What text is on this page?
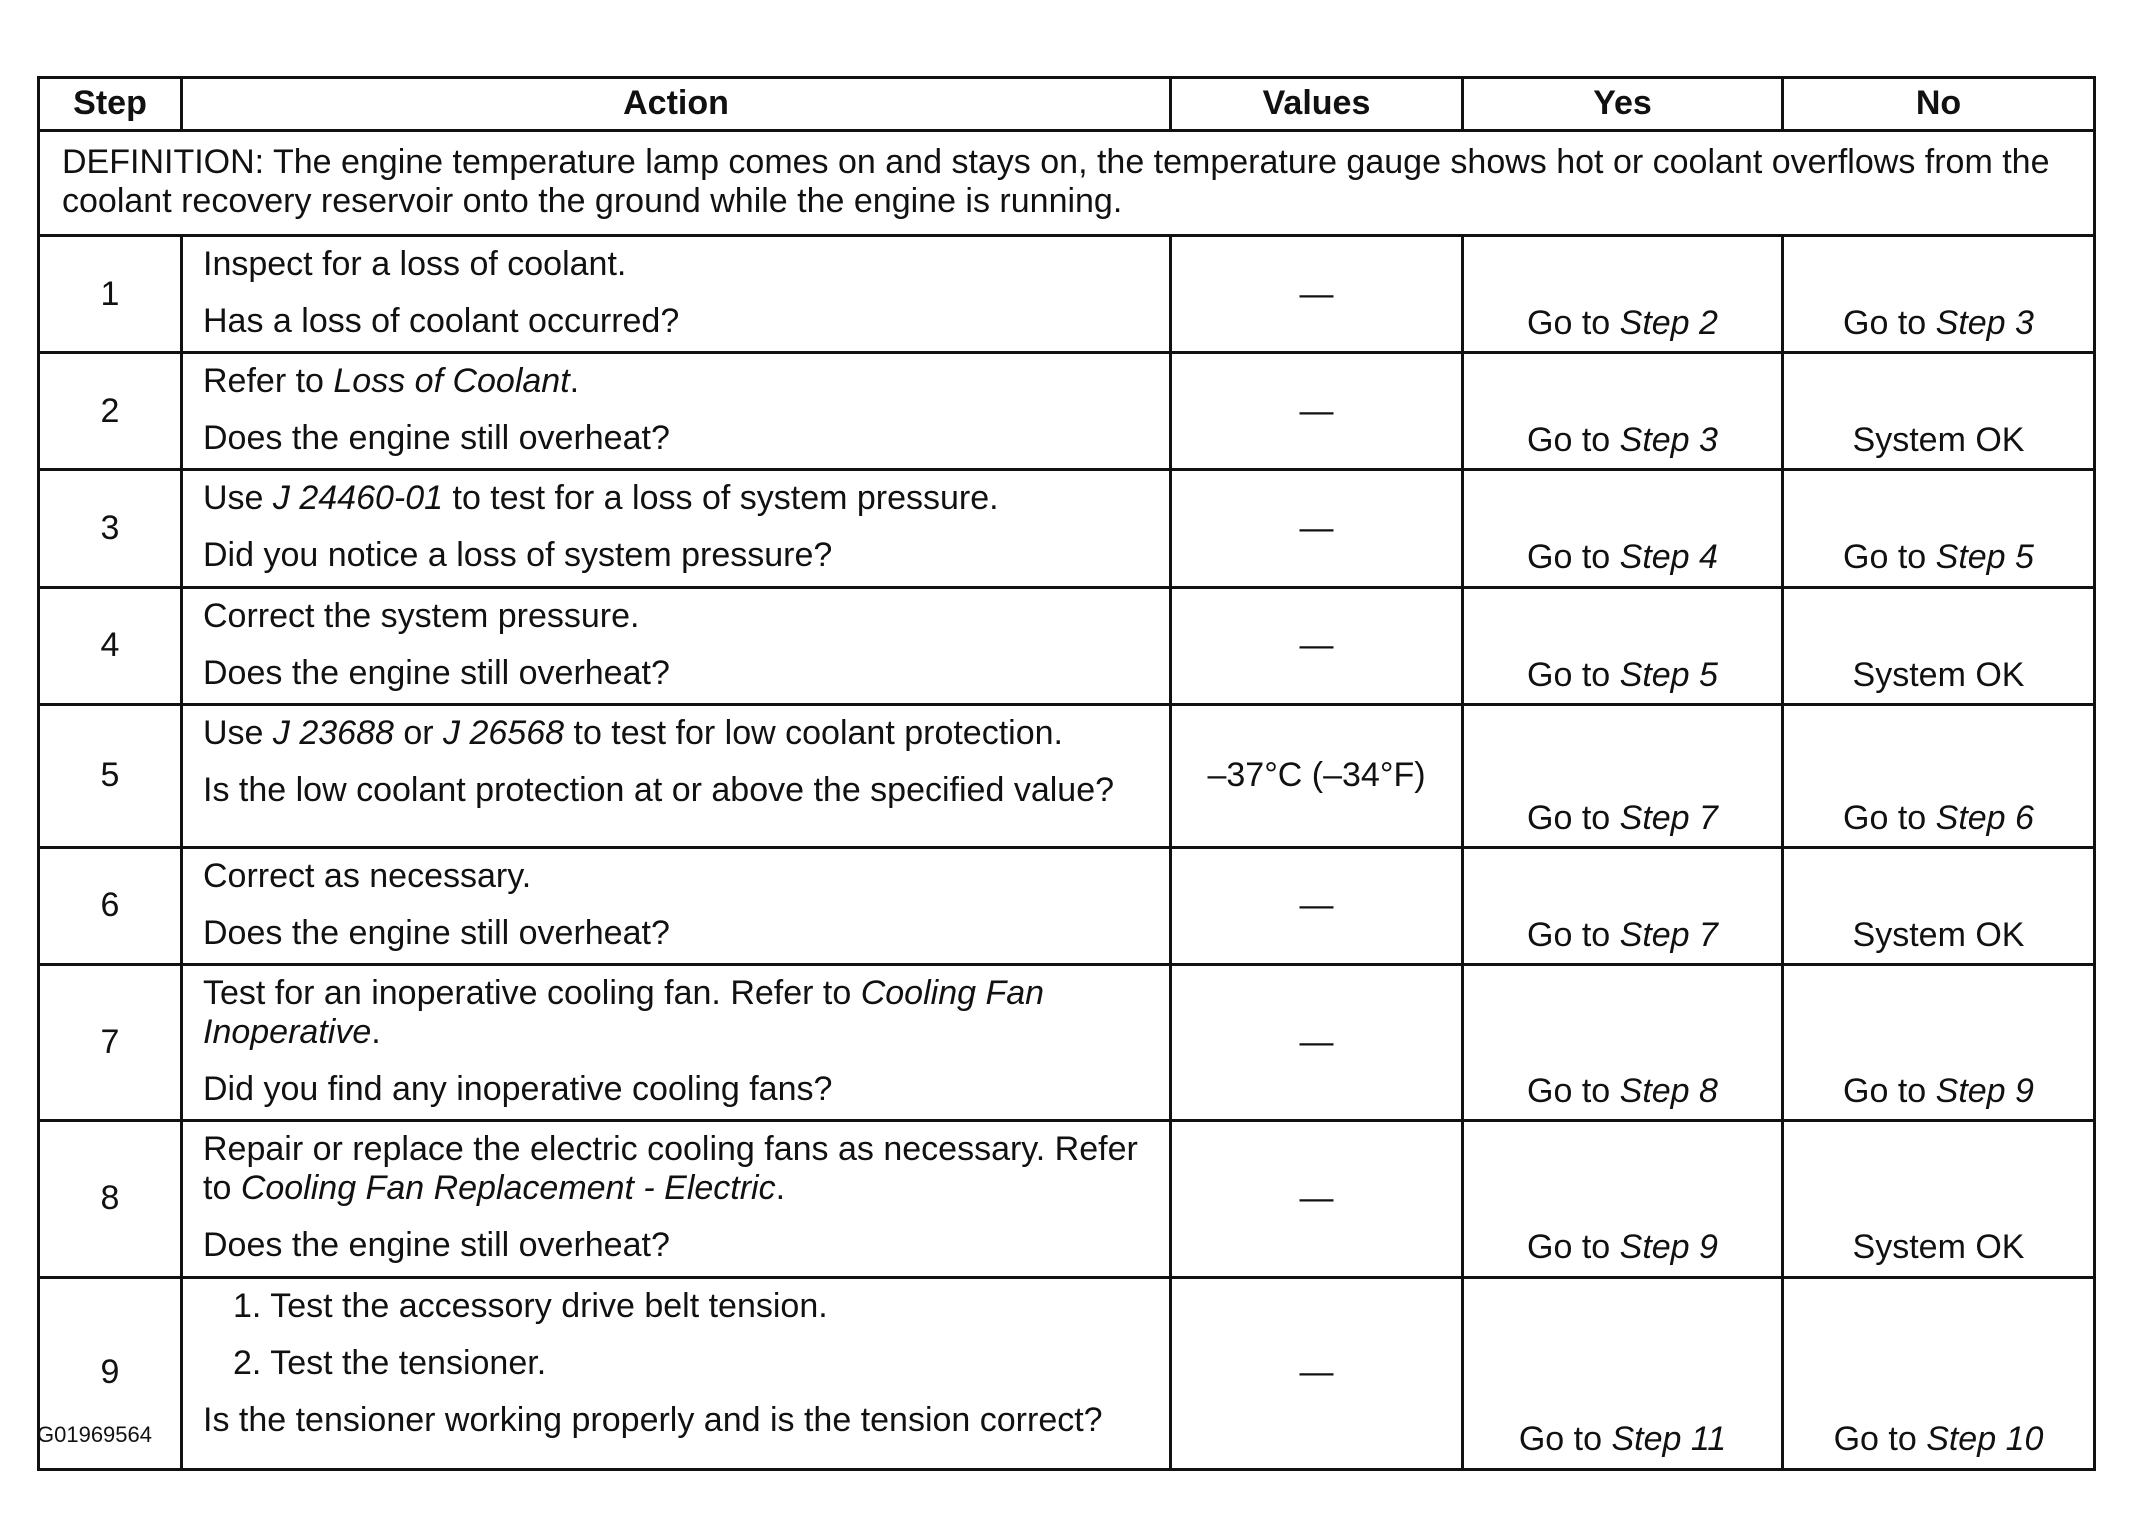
Step	Action	Values	Yes	No
DEFINITION: The engine temperature lamp comes on and stays on, the temperature gauge shows hot or coolant overflows from the coolant recovery reservoir onto the ground while the engine is running.				
1	Inspect for a loss of coolant.

Has a loss of coolant occurred?	—	Go to Step 2	Go to Step 3
2	Refer to Loss of Coolant.

Does the engine still overheat?	—	Go to Step 3	System OK
3	Use J 24460-01 to test for a loss of system pressure.

Did you notice a loss of system pressure?	—	Go to Step 4	Go to Step 5
4	Correct the system pressure.

Does the engine still overheat?	—	Go to Step 5	System OK
5	Use J 23688 or J 26568 to test for low coolant protection.

Is the low coolant protection at or above the specified value?	–37°C (–34°F)	Go to Step 7	Go to Step 6
6	Correct as necessary.

Does the engine still overheat?	—	Go to Step 7	System OK
7	Test for an inoperative cooling fan. Refer to Cooling Fan Inoperative.

Did you find any inoperative cooling fans?	—	Go to Step 8	Go to Step 9
8	Repair or replace the electric cooling fans as necessary. Refer to Cooling Fan Replacement - Electric.

Does the engine still overheat?	—	Go to Step 9	System OK
9	1. Test the accessory drive belt tension.

2. Test the tensioner.

Is the tensioner working properly and is the tension correct?	—	Go to Step 11	Go to Step 10
G01969564
